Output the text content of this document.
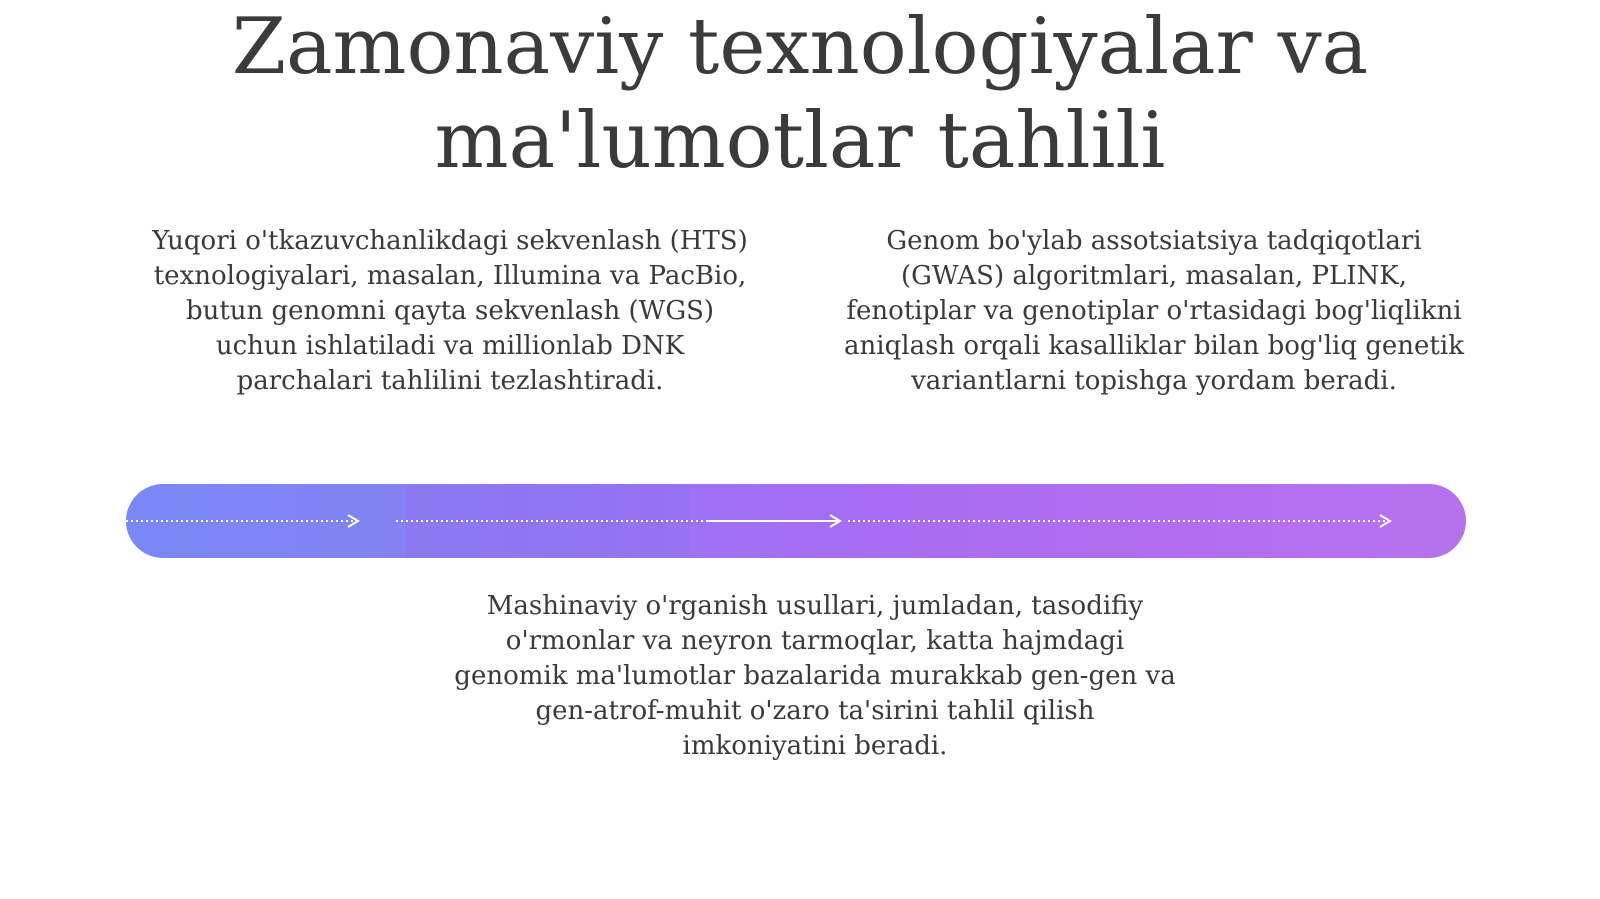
Zamonaviy texnologiyalar va ma'lumotlar tahlili

Yuqori o'tkazuvchanlikdagi sekvenlash (HTS) texnologiyalari, masalan, Illumina va PacBio, butun genomni qayta sekvenlash (WGS) uchun ishlatiladi va millionlab DNK parchalari tahlilini tezlashtiradi.

Genom bo'ylab assotsiatsiya tadqiqotlari (GWAS) algoritmlari, masalan, PLINK, fenotiplar va genotiplar o'rtasidagi bog'liqlikni aniqlash orqali kasalliklar bilan bog'liq genetik variantlarni topishga yordam beradi.

Mashinaviy o'rganish usullari, jumladan, tasodifiy o'rmonlar va neyron tarmoqlar, katta hajmdagi genomik ma'lumotlar bazalarida murakkab gen-gen va gen-atrof-muhit o'zaro ta'sirini tahlil qilish imkoniyatini beradi.
